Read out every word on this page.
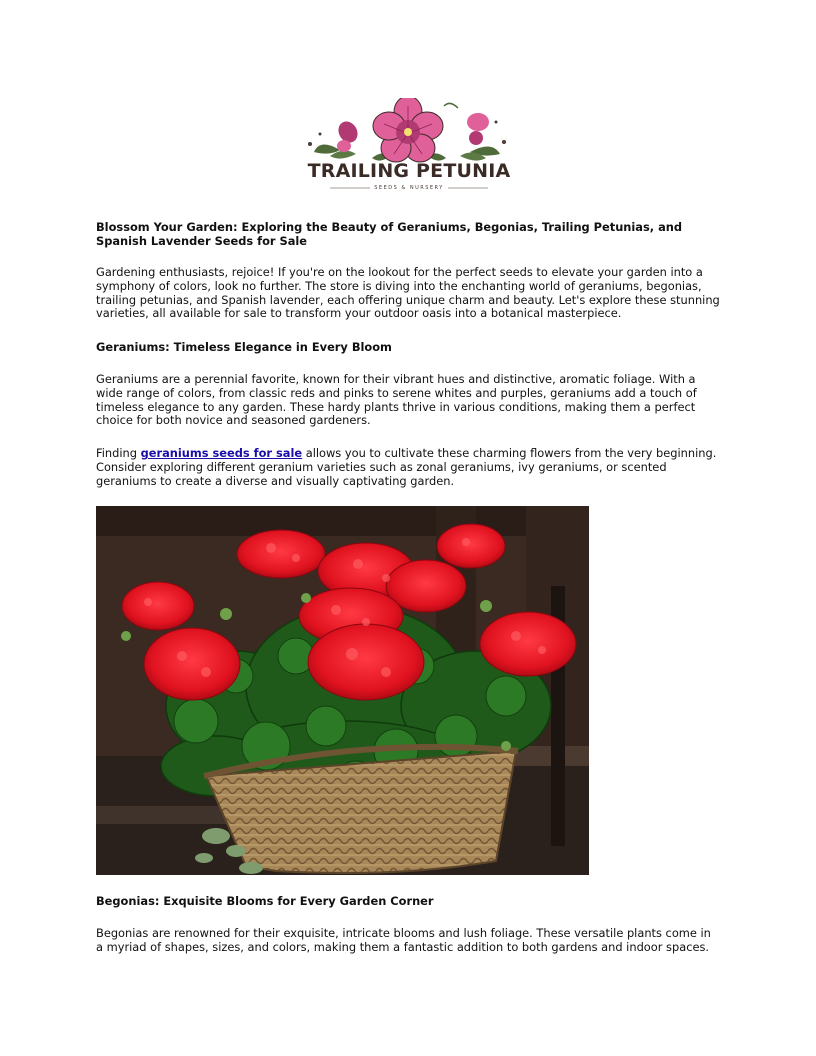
TRAILING PETUNIA
SEEDS & NURSERY
Blossom Your Garden: Exploring the Beauty of Geraniums, Begonias, Trailing Petunias, and Spanish Lavender Seeds for Sale
Gardening enthusiasts, rejoice! If you're on the lookout for the perfect seeds to elevate your garden into a symphony of colors, look no further. The store is diving into the enchanting world of geraniums, begonias, trailing petunias, and Spanish lavender, each offering unique charm and beauty. Let's explore these stunning varieties, all available for sale to transform your outdoor oasis into a botanical masterpiece.
Geraniums: Timeless Elegance in Every Bloom
Geraniums are a perennial favorite, known for their vibrant hues and distinctive, aromatic foliage. With a wide range of colors, from classic reds and pinks to serene whites and purples, geraniums add a touch of timeless elegance to any garden. These hardy plants thrive in various conditions, making them a perfect choice for both novice and seasoned gardeners.
Finding geraniums seeds for sale allows you to cultivate these charming flowers from the very beginning. Consider exploring different geranium varieties such as zonal geraniums, ivy geraniums, or scented geraniums to create a diverse and visually captivating garden.
Begonias: Exquisite Blooms for Every Garden Corner
Begonias are renowned for their exquisite, intricate blooms and lush foliage. These versatile plants come in a myriad of shapes, sizes, and colors, making them a fantastic addition to both gardens and indoor spaces.
